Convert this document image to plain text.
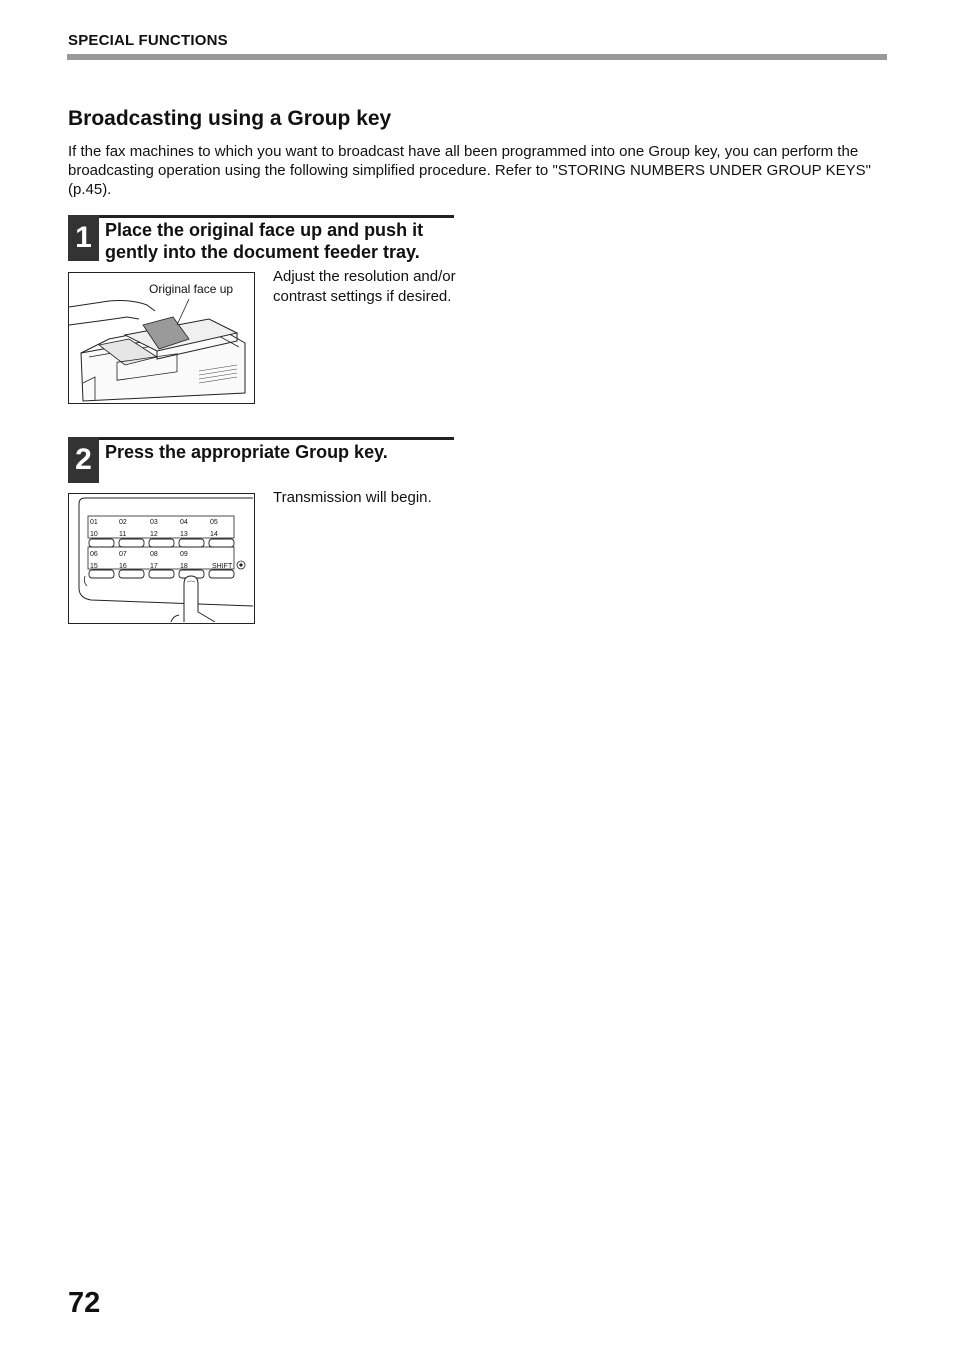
SPECIAL FUNCTIONS
Broadcasting using a Group key
If the fax machines to which you want to broadcast have all been programmed into one Group key, you can perform the broadcasting operation using the following simplified procedure. Refer to "STORING NUMBERS UNDER GROUP KEYS" (p.45).
1 Place the original face up and push it gently into the document feeder tray.
Original face up
Adjust the resolution and/or contrast settings if desired.
2 Press the appropriate Group key.
01	02	03	04	05
10	11	12	13	14
06	07	08	09
15	16	17	18	SHIFT
Transmission will begin.
72
